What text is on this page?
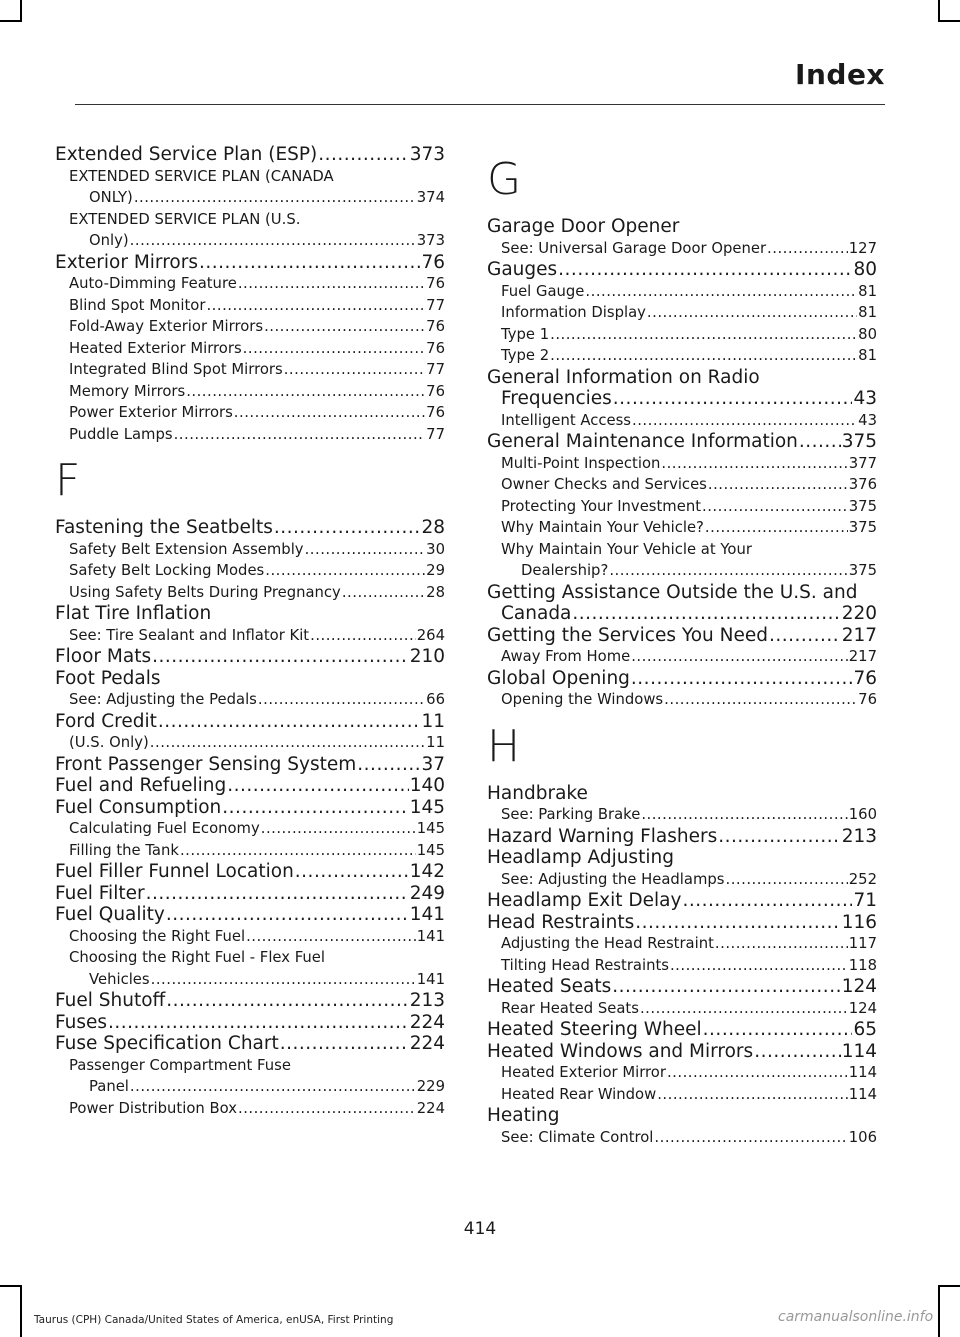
Index
Extended Service Plan (ESP) .....	373
EXTENDED SERVICE PLAN (CANADA
ONLY) .....	374
EXTENDED SERVICE PLAN (U.S.
Only) .....	373
Exterior Mirrors .....	76
Auto-Dimming Feature .....	76
Blind Spot Monitor .....	77
Fold-Away Exterior Mirrors .....	76
Heated Exterior Mirrors .....	76
Integrated Blind Spot Mirrors .....	77
Memory Mirrors .....	76
Power Exterior Mirrors .....	76
Puddle Lamps .....	77
F
Fastening the Seatbelts .....	28
Safety Belt Extension Assembly .....	30
Safety Belt Locking Modes .....	29
Using Safety Belts During Pregnancy .....	28
Flat Tire Inflation
See: Tire Sealant and Inflator Kit .....	264
Floor Mats .....	210
Foot Pedals
See: Adjusting the Pedals .....	66
Ford Credit .....	11
(U.S. Only) .....	11
Front Passenger Sensing System .....	37
Fuel and Refueling .....	140
Fuel Consumption .....	145
Calculating Fuel Economy .....	145
Filling the Tank .....	145
Fuel Filler Funnel Location .....	142
Fuel Filter .....	249
Fuel Quality .....	141
Choosing the Right Fuel .....	141
Choosing the Right Fuel - Flex Fuel
Vehicles .....	141
Fuel Shutoff .....	213
Fuses .....	224
Fuse Specification Chart .....	224
Passenger Compartment Fuse
Panel .....	229
Power Distribution Box .....	224
G
Garage Door Opener
See: Universal Garage Door Opener .....	127
Gauges .....	80
Fuel Gauge .....	81
Information Display .....	81
Type 1 .....	80
Type 2 .....	81
General Information on Radio
Frequencies .....	43
Intelligent Access .....	43
General Maintenance Information ..... 375
Multi-Point Inspection .....	377
Owner Checks and Services .....	376
Protecting Your Investment .....	375
Why Maintain Your Vehicle? .....	375
Why Maintain Your Vehicle at Your
Dealership? .....	375
Getting Assistance Outside the U.S. and
Canada .....	220
Getting the Services You Need .....	217
Away From Home .....	217
Global Opening .....	76
Opening the Windows .....	76
H
Handbrake
See: Parking Brake .....	160
Hazard Warning Flashers .....	213
Headlamp Adjusting
See: Adjusting the Headlamps .....	252
Headlamp Exit Delay .....	71
Head Restraints .....	116
Adjusting the Head Restraint .....	117
Tilting Head Restraints .....	118
Heated Seats .....	124
Rear Heated Seats .....	124
Heated Steering Wheel .....	65
Heated Windows and Mirrors .....	114
Heated Exterior Mirror .....	114
Heated Rear Window .....	114
Heating
See: Climate Control .....	106
414
Taurus (CPH) Canada/United States of America, enUSA, First Printing	carmanualsonline.info
